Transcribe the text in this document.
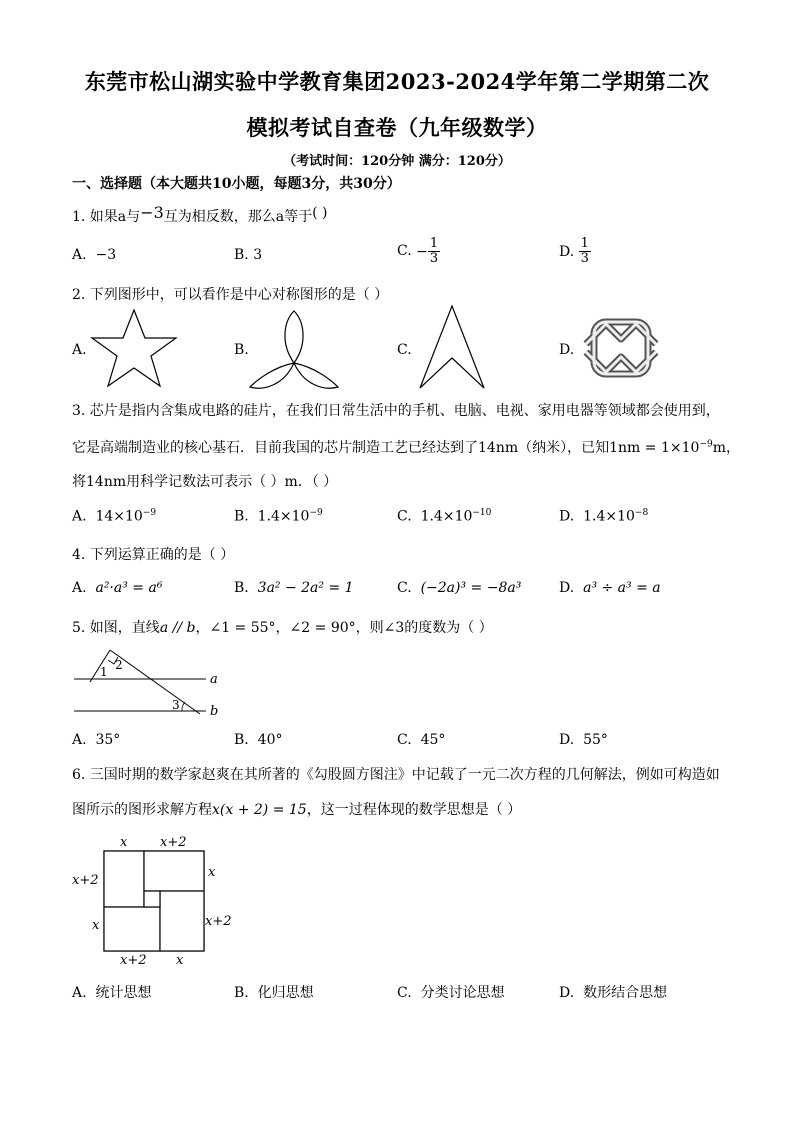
东莞市松山湖实验中学教育集团2023-2024学年第二学期第二次
模拟考试自查卷（九年级数学）
（考试时间：120分钟 满分：120分）
一、选择题（本大题共10小题，每题3分，共30分）
1. 如果a与−3互为相反数，那么a等于( )
A. −3	B. 3	C. − $\frac{1}{3}$	D. $\frac{1}{3}$
2. 下列图形中，可以看作是中心对称图形的是（ ）
A.	B.	C.	D.
3. 芯片是指内含集成电路的硅片，在我们日常生活中的手机、电脑、电视、家用电器等领域都会使用到，
它是高端制造业的核心基石．目前我国的芯片制造工艺已经达到了14nm（纳米），已知$1nm = 1\times 10^{-9}m$，
将14nm用科学记数法可表示（ ）m．（ ）
A. $14\times 10^{-9}$	B. $1.4\times 10^{-9}$	C. $1.4\times 10^{-10}$	D. $1.4\times 10^{-8}$
4. 下列运算正确的是（ ）
A. a²·a³ = a⁶	B. 3a² − 2a² = 1	C. (−2a)³ = −8a³	D. a³ ÷ a³ = a
5. 如图，直线a // b，∠1 = 55°，∠2 = 90°，则∠3的度数为（ ）
1 2
3
a
b
A. 35°	B. 40°	C. 45°	D. 55°
6. 三国时期的数学家赵爽在其所著的《勾股圆方图注》中记载了一元二次方程的几何解法，例如可构造如
图所示的图形求解方程x(x + 2) = 15，这一过程体现的数学思想是（ ）
x	x+2
x
x+2
x+2
x
x+2 x
A. 统计思想	B. 化归思想	C. 分类讨论思想	D. 数形结合思想
